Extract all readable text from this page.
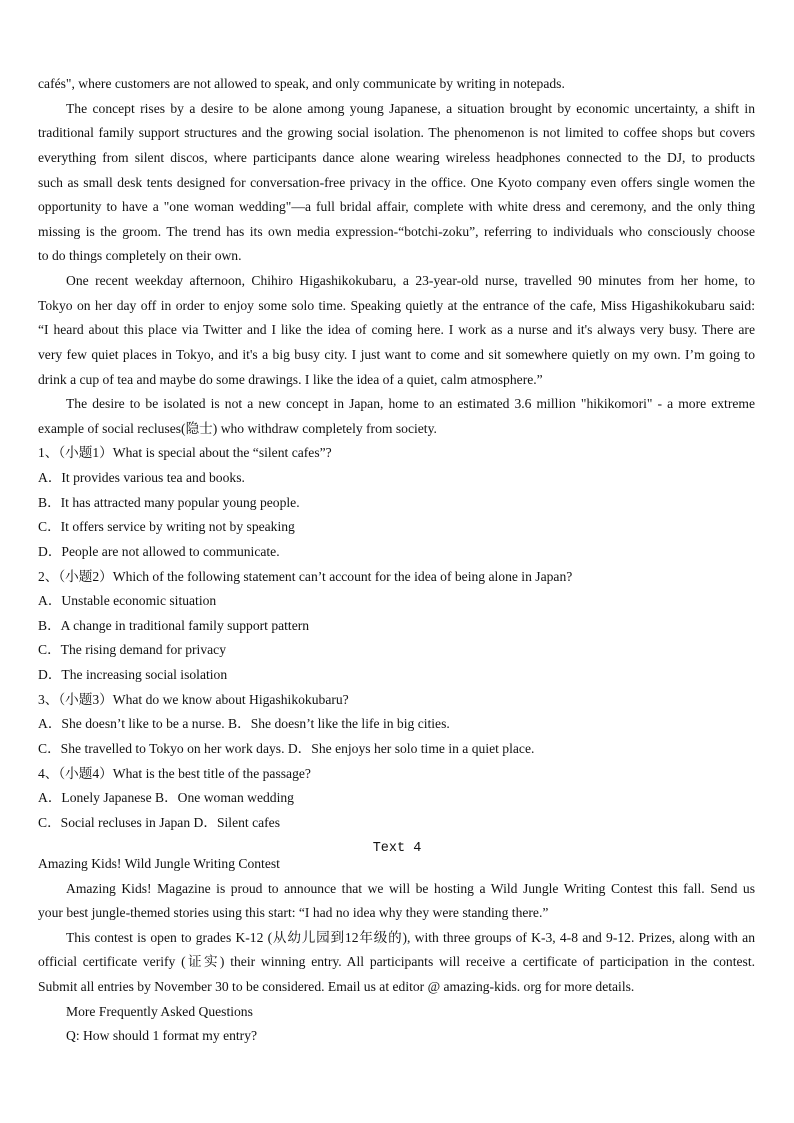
cafés", where customers are not allowed to speak, and only communicate by writing in notepads.
The concept rises by a desire to be alone among young Japanese, a situation brought by economic uncertainty, a shift in
traditional family support structures and the growing social isolation. The phenomenon is not limited to coffee shops but covers
everything from silent discos, where participants dance alone wearing wireless headphones connected to the DJ, to products
such as small desk tents designed for conversation-free privacy in the office. One Kyoto company even offers single women the
opportunity to have a "one woman wedding"—a full bridal affair, complete with white dress and ceremony, and the only thing
missing is the groom. The trend has its own media expression-“botchi-zoku”, referring to individuals who consciously choose
to do things completely on their own.
One recent weekday afternoon, Chihiro Higashikokubaru, a 23-year-old nurse, travelled 90 minutes from her home, to
Tokyo on her day off in order to enjoy some solo time. Speaking quietly at the entrance of the cafe, Miss Higashikokubaru said:
“I heard about this place via Twitter and I like the idea of coming here. I work as a nurse and it's always very busy. There are
very few quiet places in Tokyo, and it's a big busy city. I just want to come and sit somewhere quietly on my own. I’m going to
drink a cup of tea and maybe do some drawings. I like the idea of a quiet, calm atmosphere.”
The desire to be isolated is not a new concept in Japan, home to an estimated 3.6 million "hikikomori" - a more extreme
example of social recluses(隐士) who withdraw completely from society.
1、（小题1）What is special about the “silent cafes”?
A．It provides various tea and books.
B．It has attracted many popular young people.
C．It offers service by writing not by speaking
D．People are not allowed to communicate.
2、（小题2）Which of the following statement can’t account for the idea of being alone in Japan?
A．Unstable economic situation
B．A change in traditional family support pattern
C．The rising demand for privacy
D．The increasing social isolation
3、（小题3）What do we know about Higashikokubaru?
A．She doesn’t like to be a nurse. B．She doesn’t like the life in big cities.
C．She travelled to Tokyo on her work days. D．She enjoys her solo time in a quiet place.
4、（小题4）What is the best title of the passage?
A．Lonely Japanese B．One woman wedding
C．Social recluses in Japan D．Silent cafes
Text 4
Amazing Kids! Wild Jungle Writing Contest
Amazing Kids! Magazine is proud to announce that we will be hosting a Wild Jungle Writing Contest this fall. Send us
your best jungle-themed stories using this start: “I had no idea why they were standing there.”
This contest is open to grades K-12 (从幼儿园到12年级的), with three groups of K-3, 4-8 and 9-12. Prizes, along with an
official certificate verify (证实) their winning entry. All participants will receive a certificate of participation in the contest.
Submit all entries by November 30 to be considered. Email us at editor @ amazing-kids. org for more details.
More Frequently Asked Questions
Q: How should 1 format my entry?
